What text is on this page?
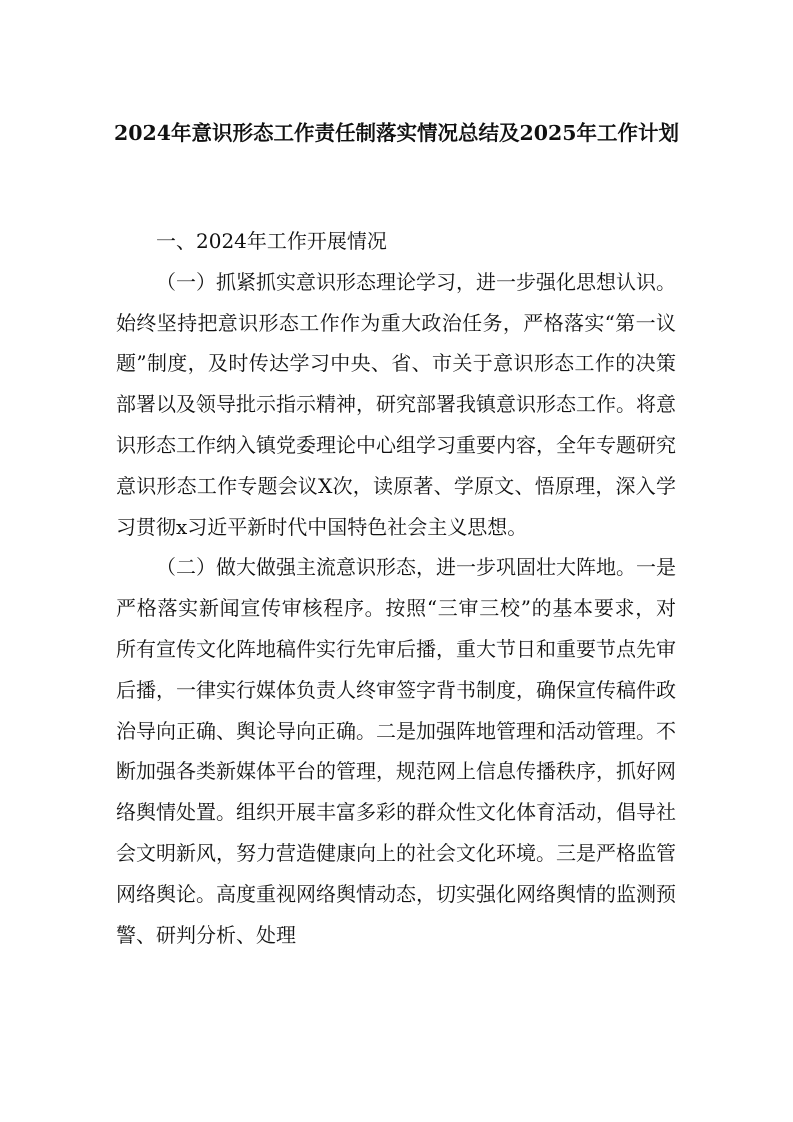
2024年意识形态工作责任制落实情况总结及2025年工作计划

一、2024年工作开展情况

（一）抓紧抓实意识形态理论学习，进一步强化思想认识。始终坚持把意识形态工作作为重大政治任务，严格落实“第一议题”制度，及时传达学习中央、省、市关于意识形态工作的决策部署以及领导批示指示精神，研究部署我镇意识形态工作。将意识形态工作纳入镇党委理论中心组学习重要内容，全年专题研究意识形态工作专题会议X次，读原著、学原文、悟原理，深入学习贯彻x习近平新时代中国特色社会主义思想。

（二）做大做强主流意识形态，进一步巩固壮大阵地。一是严格落实新闻宣传审核程序。按照“三审三校”的基本要求，对所有宣传文化阵地稿件实行先审后播，重大节日和重要节点先审后播，一律实行媒体负责人终审签字背书制度，确保宣传稿件政治导向正确、舆论导向正确。二是加强阵地管理和活动管理。不断加强各类新媒体平台的管理，规范网上信息传播秩序，抓好网络舆情处置。组织开展丰富多彩的群众性文化体育活动，倡导社会文明新风，努力营造健康向上的社会文化环境。三是严格监管网络舆论。高度重视网络舆情动态，切实强化网络舆情的监测预警、研判分析、处理
